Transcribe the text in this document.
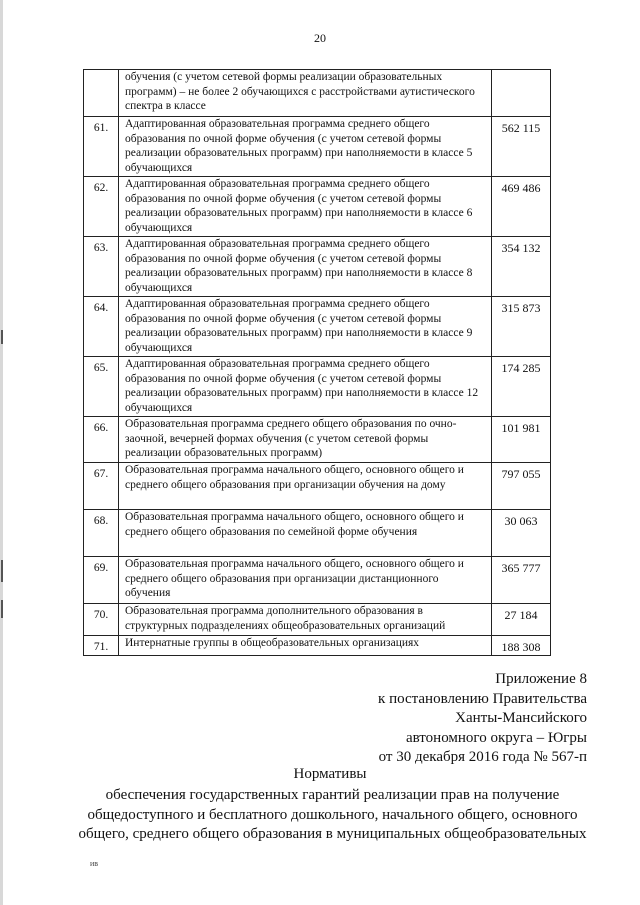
20
	обучения (с учетом сетевой формы реализации образовательных программ) – не более 2 обучающихся с расстройствами аутистического спектра в классе	
61.	Адаптированная образовательная программа среднего общего образования по очной форме обучения (с учетом сетевой формы реализации образовательных программ) при наполняемости в классе 5 обучающихся	562 115
62.	Адаптированная образовательная программа среднего общего образования по очной форме обучения (с учетом сетевой формы реализации образовательных программ) при наполняемости в классе 6 обучающихся	469 486
63.	Адаптированная образовательная программа среднего общего образования по очной форме обучения (с учетом сетевой формы реализации образовательных программ) при наполняемости в классе 8 обучающихся	354 132
64.	Адаптированная образовательная программа среднего общего образования по очной форме обучения (с учетом сетевой формы реализации образовательных программ) при наполняемости в классе 9 обучающихся	315 873
65.	Адаптированная образовательная программа среднего общего образования по очной форме обучения (с учетом сетевой формы реализации образовательных программ) при наполняемости в классе 12 обучающихся	174 285
66.	Образовательная программа среднего общего образования по очно-заочной, вечерней формах обучения (с учетом сетевой формы реализации образовательных программ)	101 981
67.	Образовательная программа начального общего, основного общего и среднего общего образования при организации обучения на дому	797 055
68.	Образовательная программа начального общего, основного общего и среднего общего образования по семейной форме обучения	30 063
69.	Образовательная программа начального общего, основного общего и среднего общего образования при организации дистанционного обучения	365 777
70.	Образовательная программа дополнительного образования в структурных подразделениях общеобразовательных организаций	27 184
71.	Интернатные группы в общеобразовательных организациях	188 308
Приложение 8
к постановлению Правительства
Ханты-Мансийского
автономного округа – Югры
от 30 декабря 2016 года № 567-п
Нормативы
обеспечения государственных гарантий реализации прав на получение
общедоступного и бесплатного дошкольного, начального общего, основного
общего, среднего общего образования в муниципальных общеобразовательных
ив
